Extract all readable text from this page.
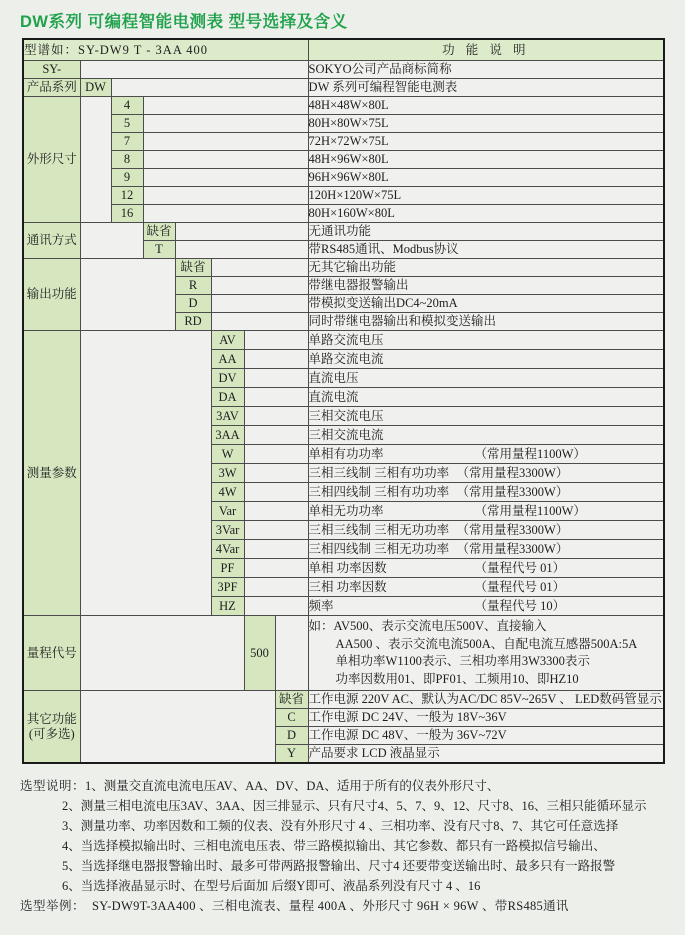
DW系列 可编程智能电测表 型号选择及含义
型谱如：SY-DW9 T - 3AA 400								功 能 说 明
SY-								SOKYO公司产品商标简称
产品系列	DW							DW 系列可编程智能电测表
外形尺寸		4						48H×48W×80L
		5						80H×80W×75L
		7						72H×72W×75L
		8						48H×96W×80L
		9						96H×96W×80L
		12						120H×120W×75L
		16						80H×160W×80L
通讯方式			缺省					无通讯功能
			T					带RS485通讯、Modbus协议
输出功能				缺省				无其它输出功能
				R				带继电器报警输出
				D				带模拟变送输出DC4~20mA
				RD				同时带继电器输出和模拟变送输出
测量参数					AV			单路交流电压
					AA			单路交流电流
					DV			直流电压
					DA			直流电流
					3AV			三相交流电压
					3AA			三相交流电流
					W			单相有功功率 （常用量程1100W）

					3W			三相三线制 三相有功功率 （常用量程3300W）

					4W			三相四线制 三相有功功率 （常用量程3300W）

					Var			单相无功功率 （常用量程1100W）

					3Var			三相三线制 三相无功功率 （常用量程3300W）

					4Var			三相四线制 三相无功功率 （常用量程3300W）

					PF			单相 功率因数 （量程代号 01）

					3PF			三相 功率因数 （量程代号 01）

					HZ			频率 （量程代号 10）

量程代号						500		如：AV500、表示交流电压500V、直接输入
AA500 、表示交流电流500A、自配电流互感器500A:5A
单相功率W1100表示、三相功率用3W3300表示
功率因数用01、即PF01、工频用10、即HZ10

其它功能
(可多选)							缺省	工作电源 220V AC、默认为AC/DC 85V~265V 、 LED数码管显示
							C	工作电源 DC 24V、一般为 18V~36V
							D	工作电源 DC 48V、一般为 36V~72V
							Y	产品要求 LCD 液晶显示
选型说明：1、测量交直流电流电压AV、AA、DV、DA、适用于所有的仪表外形尺寸、
2、测量三相电流电压3AV、3AA、因三排显示、只有尺寸4、5、7、9、12、尺寸8、16、三相只能循环显示
3、测量功率、功率因数和工频的仪表、没有外形尺寸 4 、三相功率、没有尺寸8、7、其它可任意选择
4、当选择模拟输出时、三相电流电压表、带三路模拟输出、其它参数、都只有一路模拟信号输出、
5、当选择继电器报警输出时、最多可带两路报警输出、尺寸4 还要带变送输出时、最多只有一路报警
6、当选择液晶显示时、在型号后面加 后缀Y即可、液晶系列没有尺寸 4 、16
选型举例： SY-DW9T-3AA400 、三相电流表、量程 400A 、外形尺寸 96H × 96W 、带RS485通讯
